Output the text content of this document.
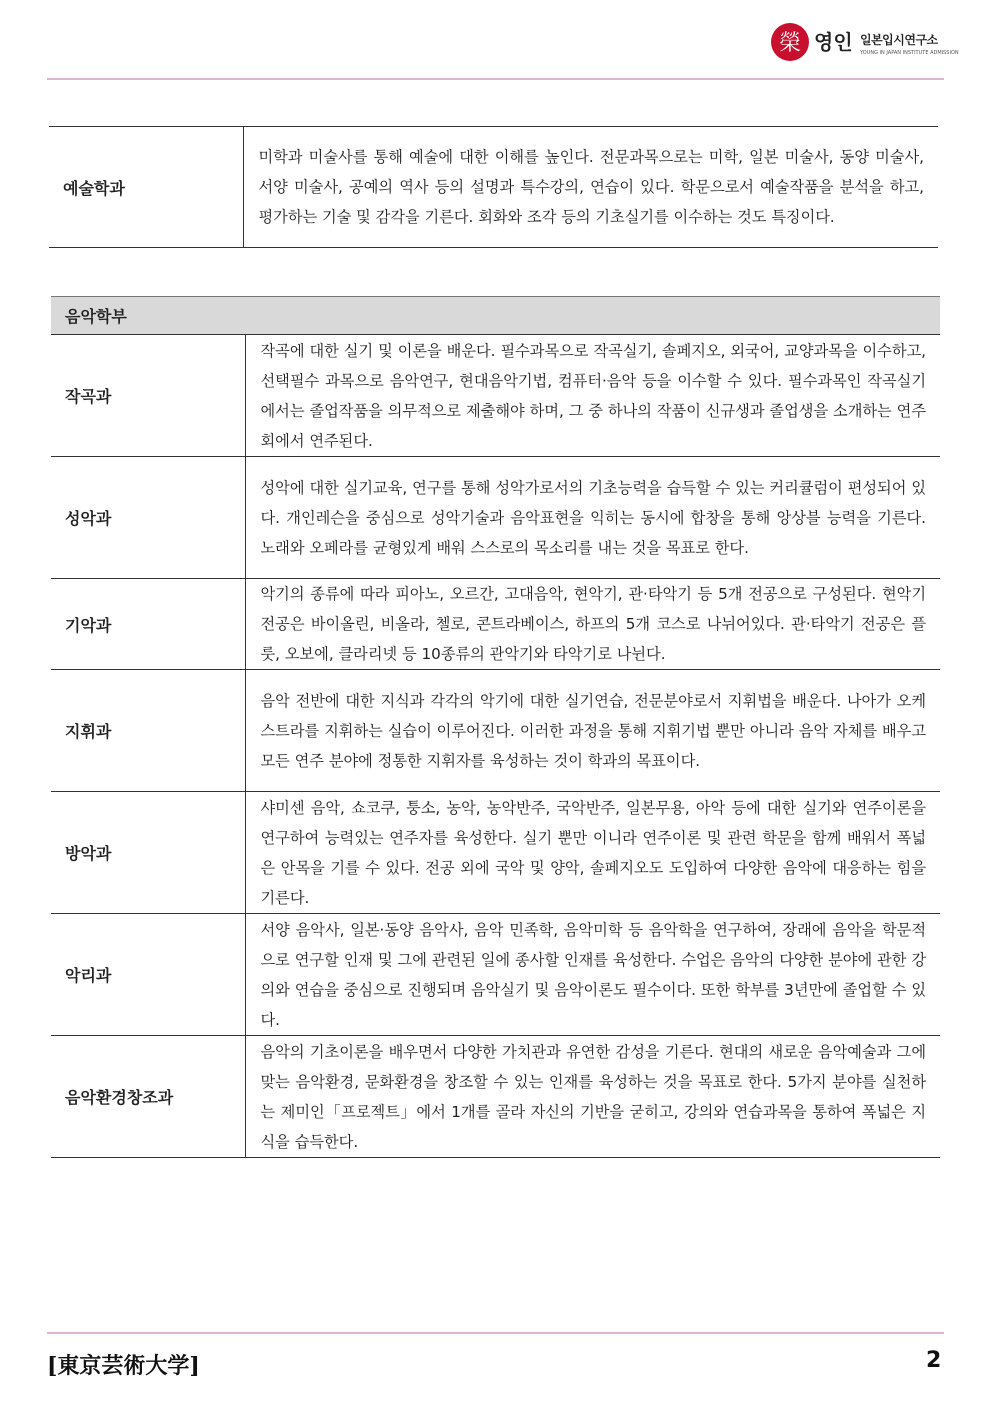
榮 영인 일본입시연구소
YOUNG IN JAPAN INSTITUTE ADMISSION
예술학과	미학과 미술사를 통해 예술에 대한 이해를 높인다. 전문과목으로는 미학, 일본 미술사, 동양 미술사, 서양 미술사, 공예의 역사 등의 설명과 특수강의, 연습이 있다. 학문으로서 예술작품을 분석을 하고, 평가하는 기술 및 감각을 기른다. 회화와 조각 등의 기초실기를 이수하는 것도 특징이다.
음악학부	
작곡과	작곡에 대한 실기 및 이론을 배운다. 필수과목으로 작곡실기, 솔페지오, 외국어, 교양과목을 이수하고, 선택필수 과목으로 음악연구, 현대음악기법, 컴퓨터·음악 등을 이수할 수 있다. 필수과목인 작곡실기에서는 졸업작품을 의무적으로 제출해야 하며, 그 중 하나의 작품이 신규생과 졸업생을 소개하는 연주회에서 연주된다.
성악과	성악에 대한 실기교육, 연구를 통해 성악가로서의 기초능력을 습득할 수 있는 커리큘럼이 편성되어 있다. 개인레슨을 중심으로 성악기술과 음악표현을 익히는 동시에 합창을 통해 앙상블 능력을 기른다. 노래와 오페라를 균형있게 배워 스스로의 목소리를 내는 것을 목표로 한다.
기악과	악기의 종류에 따라 피아노, 오르간, 고대음악, 현악기, 관·타악기 등 5개 전공으로 구성된다. 현악기 전공은 바이올린, 비올라, 첼로, 콘트라베이스, 하프의 5개 코스로 나뉘어있다. 관·타악기 전공은 플룻, 오보에, 클라리넷 등 10종류의 관악기와 타악기로 나뉜다.
지휘과	음악 전반에 대한 지식과 각각의 악기에 대한 실기연습, 전문분야로서 지휘법을 배운다. 나아가 오케스트라를 지휘하는 실습이 이루어진다. 이러한 과정을 통해 지휘기법 뿐만 아니라 음악 자체를 배우고 모든 연주 분야에 정통한 지휘자를 육성하는 것이 학과의 목표이다.
방악과	샤미센 음악, 쇼코쿠, 퉁소, 농악, 농악반주, 국악반주, 일본무용, 아악 등에 대한 실기와 연주이론을 연구하여 능력있는 연주자를 육성한다. 실기 뿐만 이니라 연주이론 및 관련 학문을 함께 배워서 폭넓은 안목을 기를 수 있다. 전공 외에 국악 및 양악, 솔페지오도 도입하여 다양한 음악에 대응하는 힘을 기른다.
악리과	서양 음악사, 일본·동양 음악사, 음악 민족학, 음악미학 등 음악학을 연구하여, 장래에 음악을 학문적으로 연구할 인재 및 그에 관련된 일에 종사할 인재를 육성한다. 수업은 음악의 다양한 분야에 관한 강의와 연습을 중심으로 진행되며 음악실기 및 음악이론도 필수이다. 또한 학부를 3년만에 졸업할 수 있다.
음악환경창조과	음악의 기초이론을 배우면서 다양한 가치관과 유연한 감성을 기른다. 현대의 새로운 음악예술과 그에 맞는 음악환경, 문화환경을 창조할 수 있는 인재를 육성하는 것을 목표로 한다. 5가지 분야를 실천하는 제미인「프로젝트」에서 1개를 골라 자신의 기반을 굳히고, 강의와 연습과목을 통하여 폭넓은 지식을 습득한다.
[東京芸術大学]	2
